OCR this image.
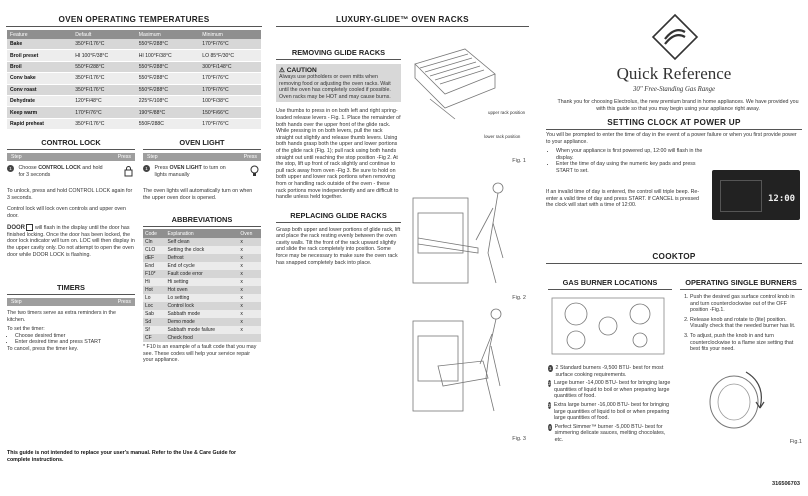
OVEN OPERATING TEMPERATURES
Feature	Default	Maximum	Minimum
Bake	350°F/176°C	550°F/288°C	170°F/76°C
Broil preset	HI 100°F/38°C	HI 100°F/38°C	LO 85°F/30°C
Broil	550°F/288°C	550°F/288°C	300°F/148°C
Conv bake	350°F/176°C	550°F/288°C	170°F/76°C
Conv roast	350°F/176°C	550°F/288°C	170°F/76°C
Dehydrate	120°F/48°C	225°F/108°C	100°F/38°C
Keep warm	170°F/76°C	190°F/88°C	150°F/66°C
Rapid preheat	350°F/176°C	550F/288C	170°F/76°C
CONTROL LOCK
Step	Press
1 Choose CONTROL LOCK and hold for 3 seconds
To unlock, press and hold CONTROL LOCK again for 3 seconds.
Control lock will lock oven controls and upper oven door.
DOOR  will flash in the display until the door has finished locking. Once the door has been locked, the door lock indicator will turn on. LOC will then display in the upper cavity only. Do not attempt to open the oven door while DOOR LOCK is flashing.
OVEN LIGHT
Step	Press
1 Press OVEN LIGHT to turn on lights manually
The oven lights will automatically turn on when the upper oven door is opened.
ABBREVIATIONS
Code	Explanation	Oven
Cln	Self clean	x
CLO	Setting the clock	x
dEF	Defrost	x
End	End of cycle	x
F10*	Fault code error	x
Hi	Hi setting	x
Hot	Hot oven	x
Lo	Lo setting	x
Loc	Control lock	x
Sab	Sabbath mode	x
Sd	Demo mode	x
Sf	Sabbath mode failure	x
CF	Check food	
* F10 is an example of a fault code that you may see. These codes will help your service repair your appliance.
TIMERS
Step	Press
The two timers serve as extra reminders in the kitchen.
To set the timer:
• Choose desired timer
• Enter desired time and press START
To cancel, press the timer key.
This guide is not intended to replace your user's manual. Refer to the Use & Care Guide for complete instructions.
LUXURY-GLIDE™ OVEN RACKS
REMOVING GLIDE RACKS
⚠ CAUTION
Always use potholders or oven mitts when removing food or adjusting the oven racks. Wait until the oven has completely cooled if possible. Oven racks may be HOT and may cause burns.
Use thumbs to press in on both left and right spring-loaded release levers - Fig. 1. Place the remainder of both hands over the upper front of the glide rack. While pressing in on both levers, pull the rack straight out slightly and release thumb levers. Using both hands grasp both the upper and lower portions of the glide rack (Fig. 1); pull rack using both hands straight out until reaching the stop position -Fig 2. At the stop, lift up front of rack slightly and continue to pull rack away from oven -Fig 3. Be sure to hold on both upper and lower rack portions when removing from or handling rack outside of the oven - these rack portions move independently and are difficult to handle unless held together.
REPLACING GLIDE RACKS
Grasp both upper and lower portions of glide rack, lift and place the rack resting evenly between the oven cavity walls. Tilt the front of the rack upward slightly and slide the rack completely into position. Some force may be necessary to make sure the oven rack has snapped completely back into place.
upper rack position
lower rack position
Fig. 1
Fig. 2
Fig. 3
Quick Reference
30" Free-Standing Gas Range
Thank you for choosing Electrolux, the new premium brand in home appliances. We have provided you with this guide so that you may begin using your appliance right away.
SETTING CLOCK AT POWER UP
You will be prompted to enter the time of day in the event of a power failure or when you first provide power to your appliance.
• When your appliance is first powered up, 12:00 will flash in the display.
• Enter the time of day using the numeric key pads and press START to set.
If an invalid time of day is entered, the control will triple beep. Re-enter a valid time of day and press START. If CANCEL is pressed the clock will start with a time of 12:00.
12:00
COOKTOP
GAS BURNER LOCATIONS
1 2 Standard burners -9,500 BTU- best for most surface cooking requirements.
2 Large burner -14,000 BTU- best for bringing large quantities of liquid to boil or when preparing large quantities of food.
3 Extra large burner -16,000 BTU- best for bringing large quantities of liquid to boil or when preparing large quantities of food.
4 Perfect Simmer™ burner -5,000 BTU- best for simmering delicate sauces, melting chocolates, etc.
OPERATING SINGLE BURNERS
1. Push the desired gas surface control knob in and turn counterclockwise out of the OFF position -Fig.1.
2. Release knob and rotate to (lite) position. Visually check that the needed burner has lit.
3. To adjust, push the knob in and turn counterclockwise to a flame size setting that best fits your need.
Fig.1
316506703
